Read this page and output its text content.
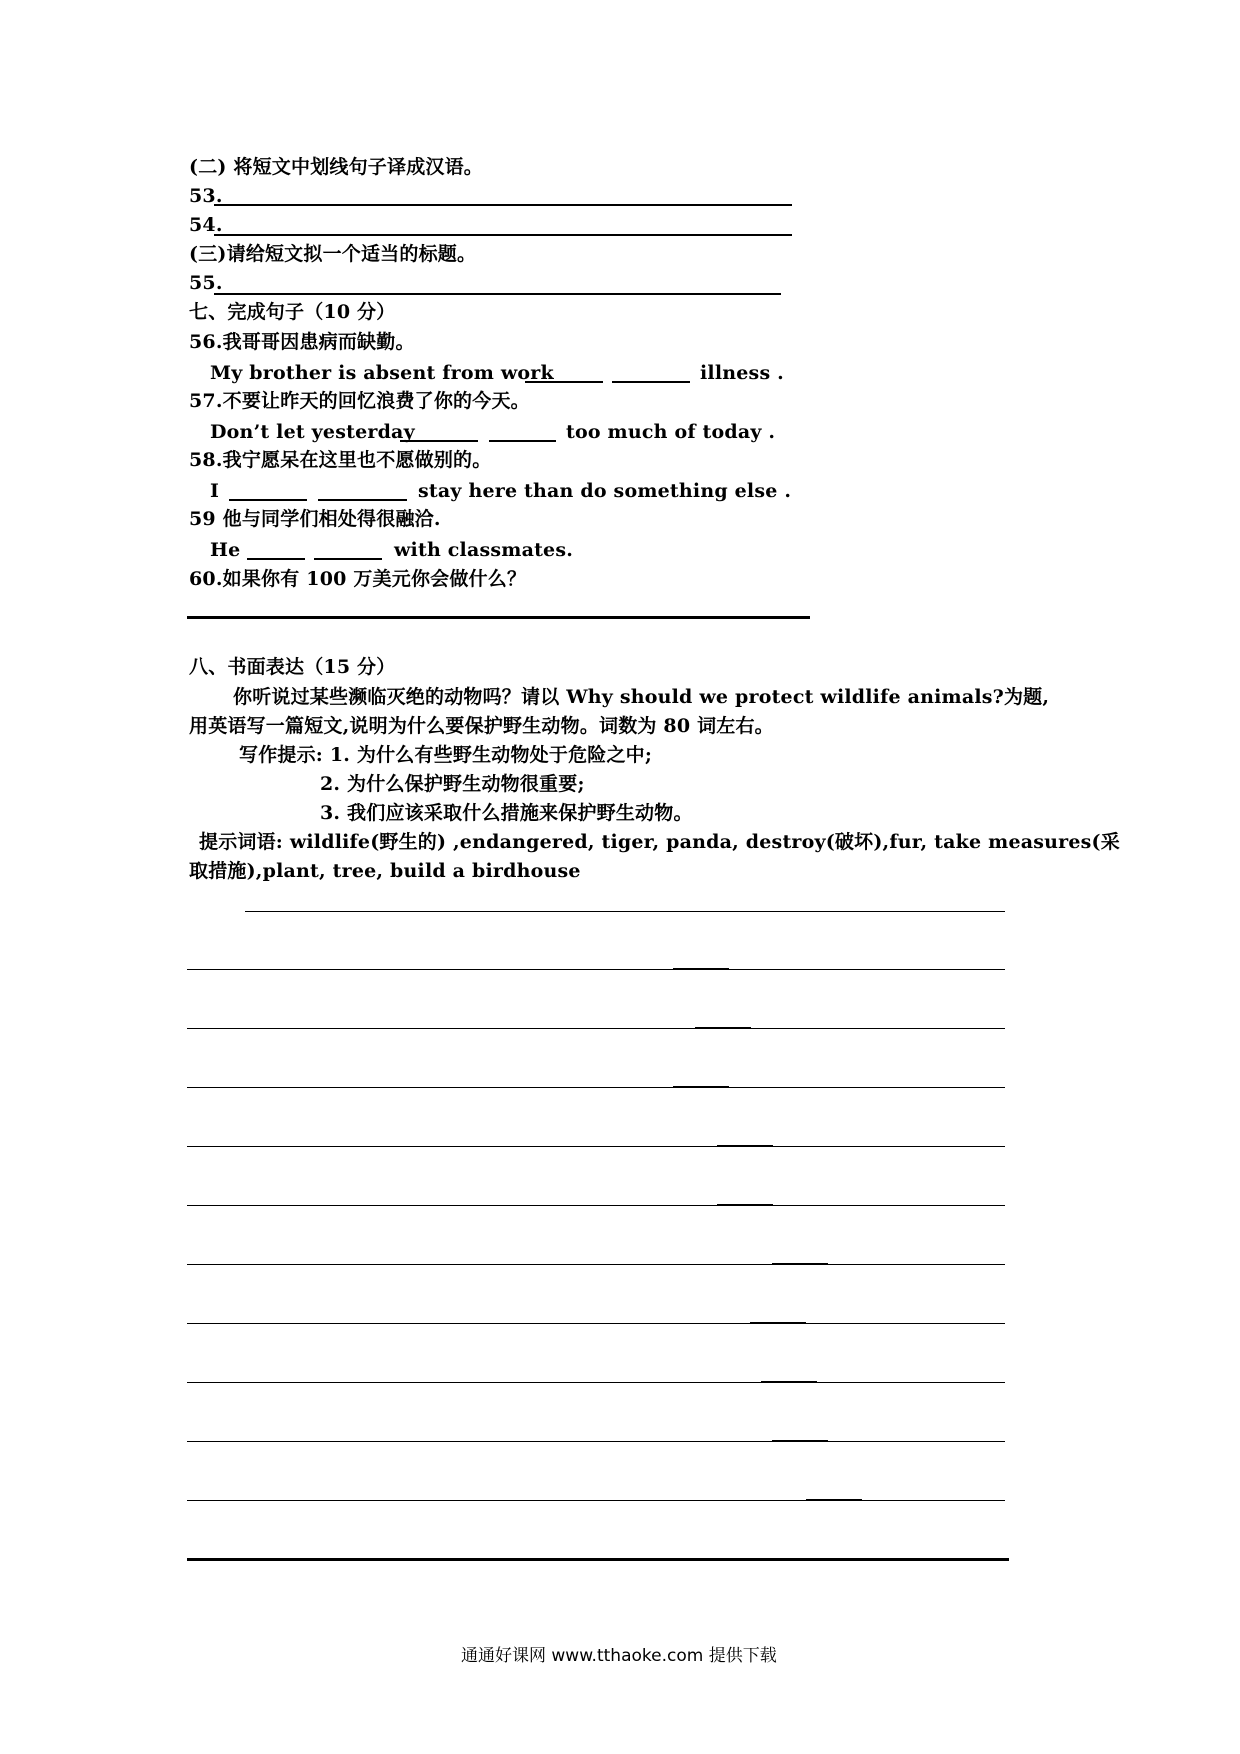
(二) 将短文中划线句子译成汉语。
53.
54.
(三)请给短文拟一个适当的标题。
55.
七、完成句子（10 分）
56.我哥哥因患病而缺勤。
My brother is absent from work	illness .
57.不要让昨天的回忆浪费了你的今天。
Don’t let yesterday	too much of today .
58.我宁愿呆在这里也不愿做别的。
I	stay here than do something else .
59 他与同学们相处得很融洽.
He	with classmates.
60.如果你有 100 万美元你会做什么？
八、书面表达（15 分）
你听说过某些濒临灭绝的动物吗？请以 Why should we protect wildlife animals?为题,
用英语写一篇短文,说明为什么要保护野生动物。词数为 80 词左右。
写作提示: 1. 为什么有些野生动物处于危险之中;
2. 为什么保护野生动物很重要;
3. 我们应该采取什么措施来保护野生动物。
提示词语: wildlife(野生的) ,endangered, tiger, panda, destroy(破坏),fur, take measures(采
取措施),plant, tree, build a birdhouse
通通好课网 www.tthaoke.com 提供下载
